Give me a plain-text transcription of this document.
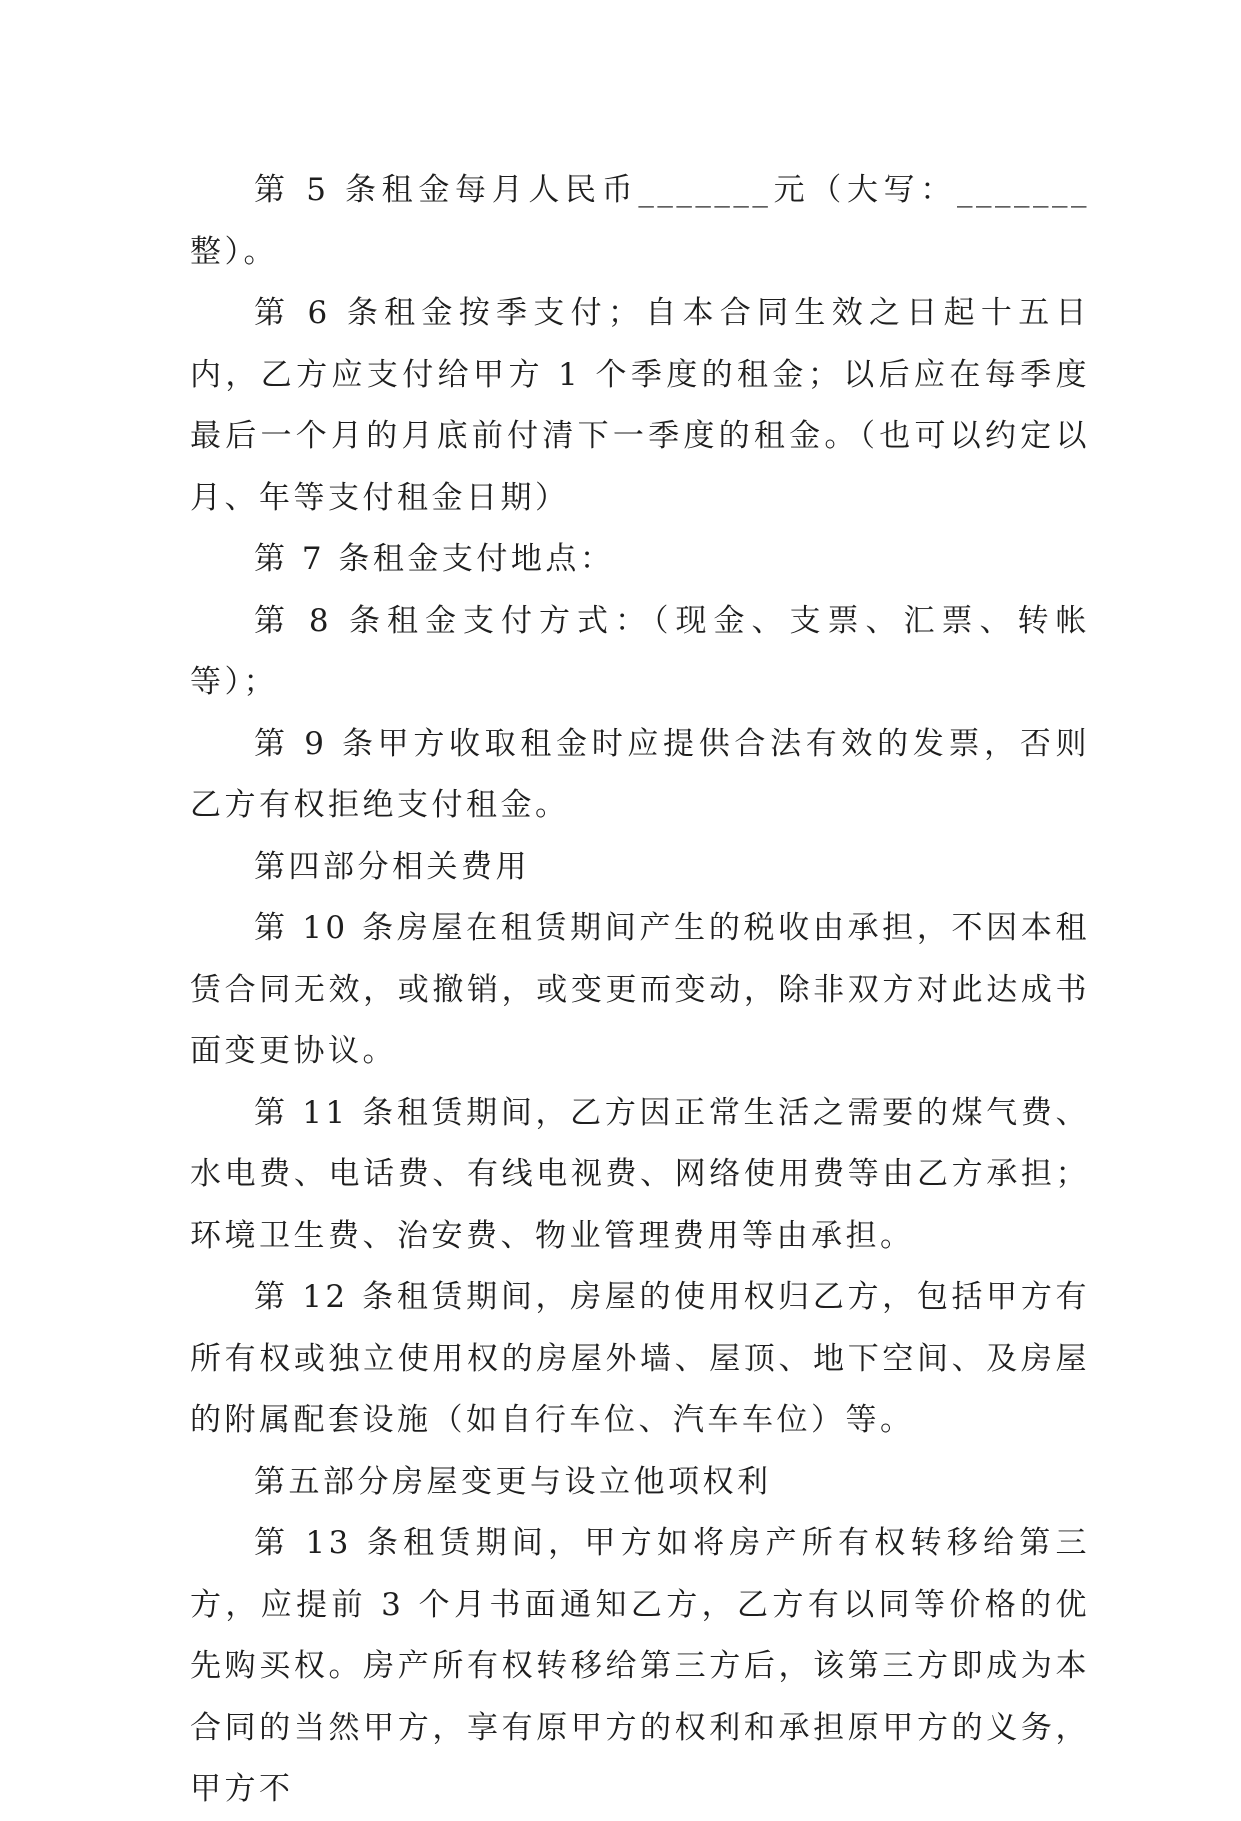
第 5 条租金每月人民币_______元（大写：_______整）。

第 6 条租金按季支付；自本合同生效之日起十五日内，乙方应支付给甲方 1 个季度的租金；以后应在每季度最后一个月的月底前付清下一季度的租金。（也可以约定以月、年等支付租金日期）

第 7 条租金支付地点：

第 8 条租金支付方式：（现金、支票、汇票、转帐等）；

第 9 条甲方收取租金时应提供合法有效的发票，否则乙方有权拒绝支付租金。

第四部分相关费用

第 10 条房屋在租赁期间产生的税收由承担，不因本租赁合同无效，或撤销，或变更而变动，除非双方对此达成书面变更协议。

第 11 条租赁期间，乙方因正常生活之需要的煤气费、水电费、电话费、有线电视费、网络使用费等由乙方承担；环境卫生费、治安费、物业管理费用等由承担。

第 12 条租赁期间，房屋的使用权归乙方，包括甲方有所有权或独立使用权的房屋外墙、屋顶、地下空间、及房屋的附属配套设施（如自行车位、汽车车位）等。

第五部分房屋变更与设立他项权利

第 13 条租赁期间，甲方如将房产所有权转移给第三方，应提前 3 个月书面通知乙方，乙方有以同等价格的优先购买权。房产所有权转移给第三方后，该第三方即成为本合同的当然甲方，享有原甲方的权利和承担原甲方的义务，甲方不
